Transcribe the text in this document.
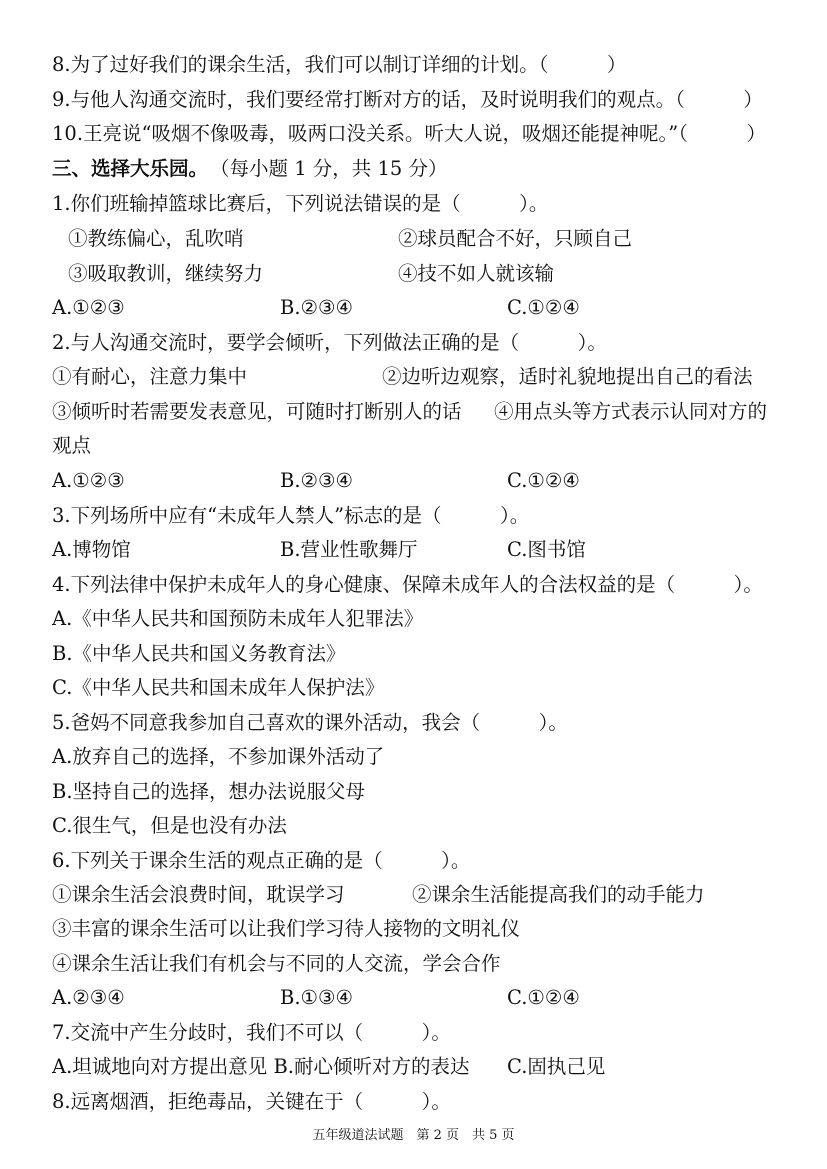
8.为了过好我们的课余生活，我们可以制订详细的计划。（　　　）
9.与他人沟通交流时，我们要经常打断对方的话，及时说明我们的观点。（　　　）
10.王亮说“吸烟不像吸毒，吸两口没关系。听大人说，吸烟还能提神呢。”（　　　）
三、选择大乐园。 （每小题 1 分，共 15 分）
1.你们班输掉篮球比赛后，下列说法错误的是（　　　）。
①教练偏心，乱吹哨	②球员配合不好，只顾自己
③吸取教训，继续努力	④技不如人就该输
A.①②③	B.②③④	C.①②④
2.与人沟通交流时，要学会倾听，下列做法正确的是（　　　）。
①有耐心，注意力集中	②边听边观察，适时礼貌地提出自己的看法
③倾听时若需要发表意见，可随时打断别人的话 ④用点头等方式表示认同对方的
观点
A.①②③	B.②③④	C.①②④
3.下列场所中应有“未成年人禁人”标志的是（　　　）。
A.博物馆	B.营业性歌舞厅	C.图书馆
4.下列法律中保护未成年人的身心健康、保障未成年人的合法权益的是（　　　）。
A.《中华人民共和国预防未成年人犯罪法》
B.《中华人民共和国义务教育法》
C.《中华人民共和国未成年人保护法》
5.爸妈不同意我参加自己喜欢的课外活动，我会（　　　）。
A.放弃自己的选择，不参加课外活动了
B.坚持自己的选择，想办法说服父母
C.很生气，但是也没有办法
6.下列关于课余生活的观点正确的是（　　　）。
①课余生活会浪费时间，耽误学习	②课余生活能提高我们的动手能力
③丰富的课余生活可以让我们学习待人接物的文明礼仪
④课余生活让我们有机会与不同的人交流，学会合作
A.②③④	B.①③④	C.①②④
7.交流中产生分歧时，我们不可以（　　　）。
A.坦诚地向对方提出意见 B.耐心倾听对方的表达 C.固执己见
8.远离烟酒，拒绝毒品，关键在于（　　　）。
五年级道法试题　第 2 页　共 5 页
